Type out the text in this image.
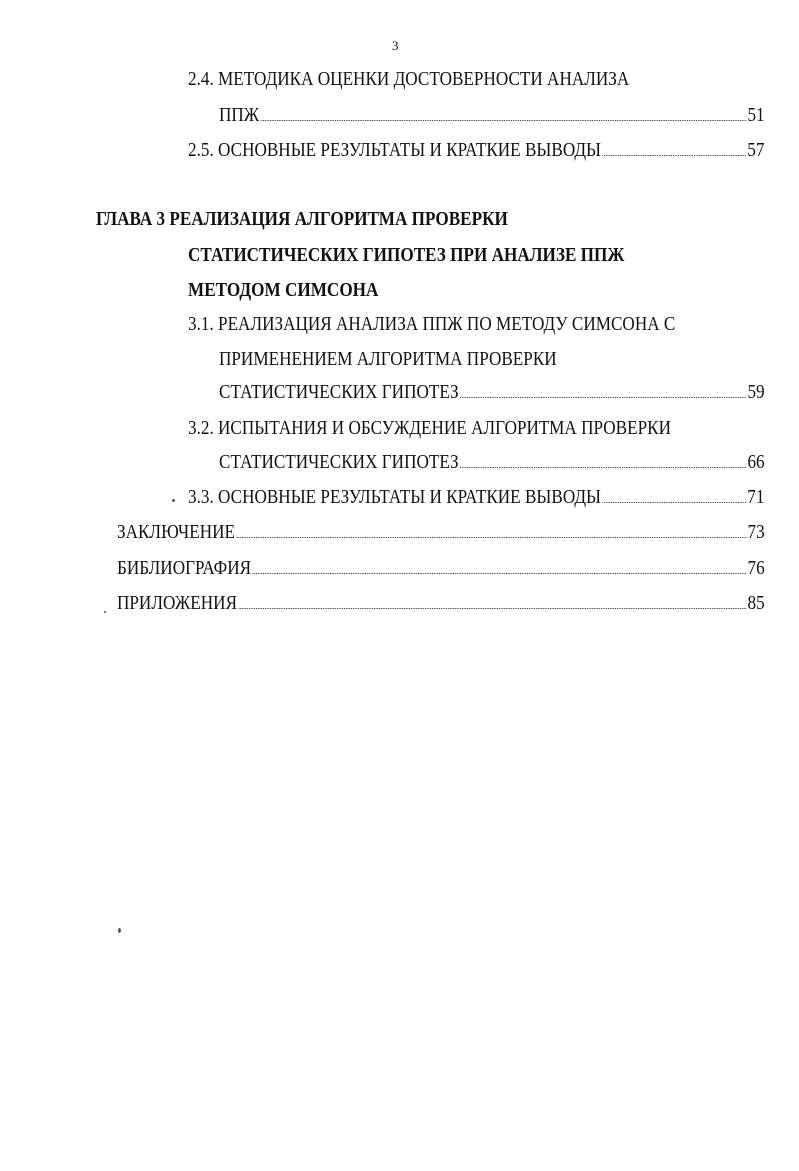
3
2.4. МЕТОДИКА ОЦЕНКИ ДОСТОВЕРНОСТИ АНАЛИЗА
ППЖ	51
2.5. ОСНОВНЫЕ РЕЗУЛЬТАТЫ И КРАТКИЕ ВЫВОДЫ	57
ГЛАВА 3 РЕАЛИЗАЦИЯ АЛГОРИТМА ПРОВЕРКИ
СТАТИСТИЧЕСКИХ ГИПОТЕЗ ПРИ АНАЛИЗЕ ППЖ
МЕТОДОМ СИМСОНА
3.1. РЕАЛИЗАЦИЯ АНАЛИЗА ППЖ ПО МЕТОДУ СИМСОНА С
ПРИМЕНЕНИЕМ АЛГОРИТМА ПРОВЕРКИ
СТАТИСТИЧЕСКИХ ГИПОТЕЗ	59
3.2. ИСПЫТАНИЯ И ОБСУЖДЕНИЕ АЛГОРИТМА ПРОВЕРКИ
СТАТИСТИЧЕСКИХ ГИПОТЕЗ	66
3.3. ОСНОВНЫЕ РЕЗУЛЬТАТЫ И КРАТКИЕ ВЫВОДЫ	71
ЗАКЛЮЧЕНИЕ	73
БИБЛИОГРАФИЯ	76
ПРИЛОЖЕНИЯ	85
